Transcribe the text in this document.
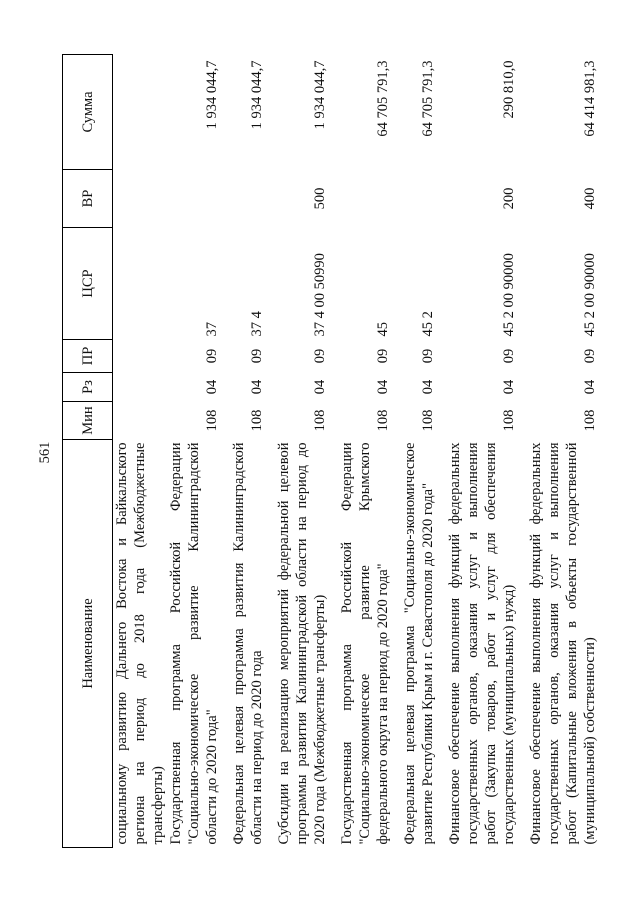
561
Наименование	Мин	Рз	ПР	ЦСР	ВР	Сумма

социальному развитию Дальнего Востока и Байкальского региона на период до 2018 года (Межбюджетные трансферты)						

Государственная программа Российской Федерации "Социально-экономическое развитие Калининградской области до 2020 года"	108	04	09	37		1 934 044,7

Федеральная целевая программа развития Калининградской области на период до 2020 года	108	04	09	37 4		1 934 044,7

Субсидии на реализацию мероприятий федеральной целевой программы развития Калининградской области на период до 2020 года (Межбюджетные трансферты)	108	04	09	37 4 00 50990	500	1 934 044,7

Государственная программа Российской Федерации "Социально-экономическое развитие Крымского федерального округа на период до 2020 года"	108	04	09	45		64 705 791,3

Федеральная целевая программа "Социально-экономическое развитие Республики Крым и г. Севастополя до 2020 года"	108	04	09	45 2		64 705 791,3

Финансовое обеспечение выполнения функций федеральных государственных органов, оказания услуг и выполнения работ (Закупка товаров, работ и услуг для обеспечения государственных (муниципальных) нужд)	108	04	09	45 2 00 90000	200	290 810,0

Финансовое обеспечение выполнения функций федеральных государственных органов, оказания услуг и выполнения работ (Капитальные вложения в объекты государственной (муниципальной) собственности)	108	04	09	45 2 00 90000	400	64 414 981,3
